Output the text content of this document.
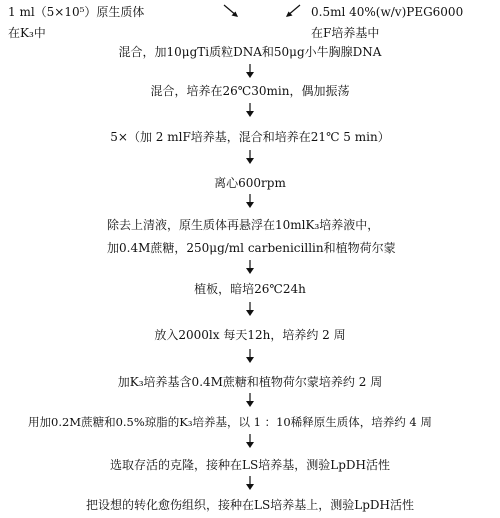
1 ml（5×10⁵）原生质体
在K₃中
0.5ml 40%(w/v)PEG6000
在F培养基中
混合，加10μgTi质粒DNA和50μg小牛胸腺DNA
混合，培养在26℃30min，偶加振荡
5×（加 2 mlF培养基，混合和培养在21℃ 5 min）
离心600rpm
除去上清液，原生质体再悬浮在10mlK₃培养液中，
加0.4M蔗糖，250μg/ml carbenicillin和植物荷尔蒙
植板，暗培26℃24h
放入2000lx 每天12h，培养约 2 周
加K₃培养基含0.4M蔗糖和植物荷尔蒙培养约 2 周
用加0.2M蔗糖和0.5%琼脂的K₃培养基，以 1 ：10稀释原生质体，培养约 4 周
选取存活的克隆，接种在LS培养基，测验LpDH活性
把设想的转化愈伤组织，接种在LS培养基上，测验LpDH活性
